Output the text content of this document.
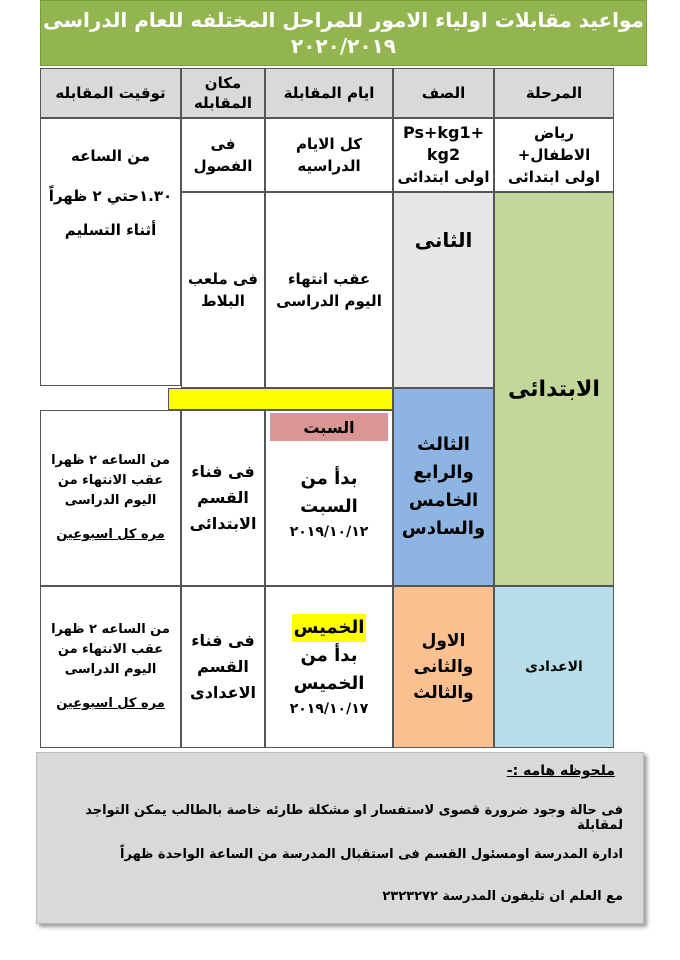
مواعيد مقابلات اولياء الامور للمراحل المختلفه للعام الدراسى
٢٠٢٠/٢٠١٩
المرحلة
الصف
ايام المقابلة
مكان المقابله
توقيت المقابله
رياض
الاطفال+
اولى ابتدائى
Ps+kg1+
kg2
اولى ابتدائى
كل الايام
الدراسيه
فى
الفصول
من الساعه
١.٣٠حتي ٢ ظهراً
أثناء التسليم
الابتدائى
الثانى
عقب انتهاء
اليوم الدراسى
فى ملعب
البلاط
الثالث
والرابع
الخامس
والسادس
السبت
بدأ من
السبت
٢٠١٩/١٠/١٢
فى فناء
القسم
الابتدائى
من الساعه ٢ ظهرا
عقب الانتهاء من
اليوم الدراسى
مره كل اسبوعين
الاعدادى
الاول
والثانى
والثالث
الخميس
بدأ من
الخميس
٢٠١٩/١٠/١٧
فى فناء
القسم
الاعدادى
من الساعه ٢ ظهرا
عقب الانتهاء من
اليوم الدراسى
مره كل اسبوعين
ملحوظه هامه :-
فى حالة وجود ضرورة قصوى لاستفسار او مشكلة طارئه خاصة بالطالب يمكن التواجد لمقابلة
ادارة المدرسة اومسئول القسم فى استقبال المدرسة من الساعة الواحدة ظهراً
مع العلم ان تليفون المدرسة ٢٣٢٣٢٧٢
